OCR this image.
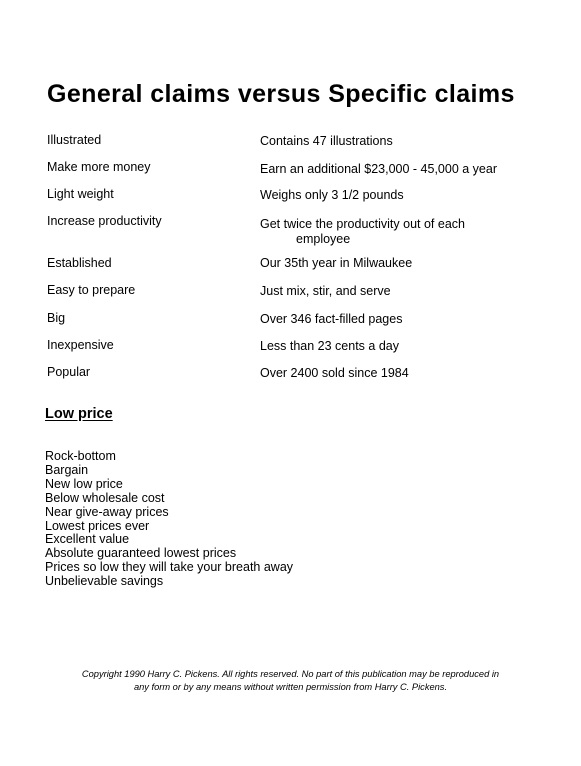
General claims versus Specific claims
Illustrated	Contains 47 illustrations
Make more money	Earn an additional $23,000 - 45,000 a year
Light weight	Weighs only 3 1/2 pounds
Increase productivity	Get twice the productivity out of each
employee
Established	Our 35th year in Milwaukee
Easy to prepare	Just mix, stir, and serve
Big	Over 346 fact-filled pages
Inexpensive	Less than 23 cents a day
Popular	Over 2400 sold since 1984
Low price
Rock-bottom
Bargain
New low price
Below wholesale cost
Near give-away prices
Lowest prices ever
Excellent value
Absolute guaranteed lowest prices
Prices so low they will take your breath away
Unbelievable savings
Copyright 1990 Harry C. Pickens. All rights reserved. No part of this publication may be reproduced in
any form or by any means without written permission from Harry C. Pickens.
